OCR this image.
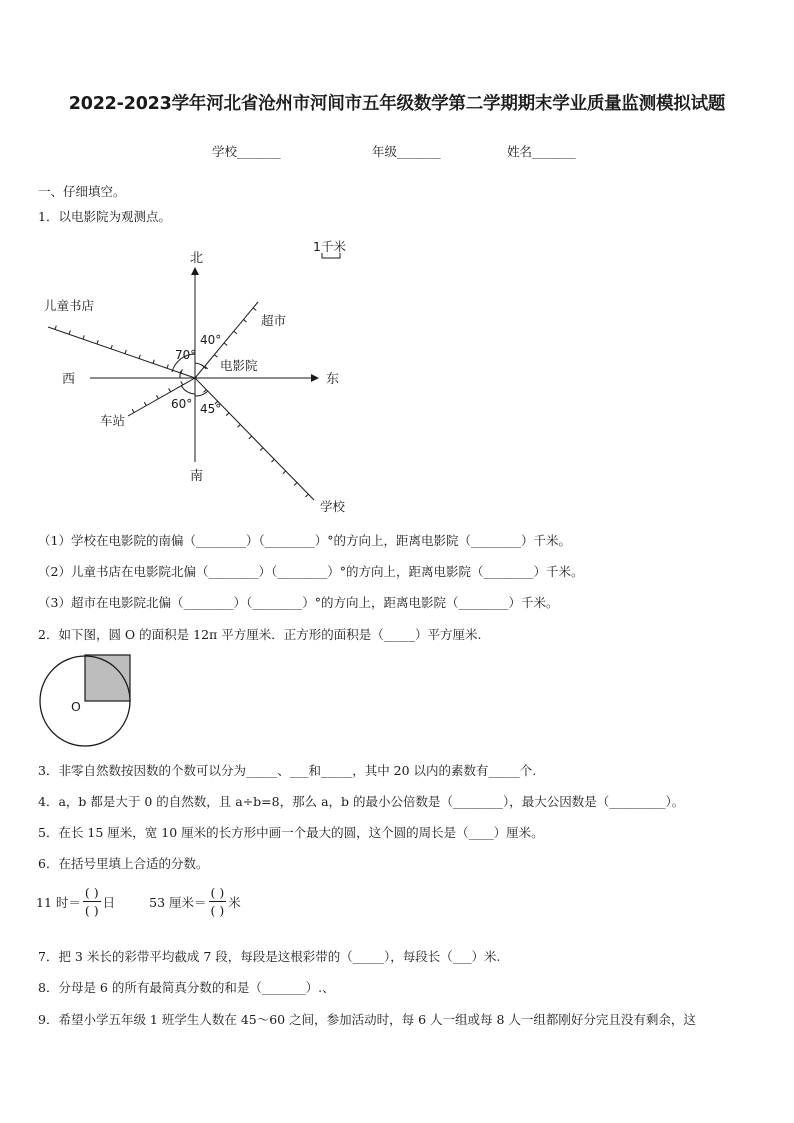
2022-2023学年河北省沧州市河间市五年级数学第二学期期末学业质量监测模拟试题
学校_______	年级_______	姓名_______
一、仔细填空。
1．以电影院为观测点。
北
南
东
西
电影院
超市
儿童书店
车站
学校
40°
70°
60° 45°
1千米
（1）学校在电影院的南偏（________）（________）°的方向上，距离电影院（________）千米。
（2）儿童书店在电影院北偏（________）（________）°的方向上，距离电影院（________）千米。
（3）超市在电影院北偏（________）（________）°的方向上，距离电影院（________）千米。
2．如下图，圆 O 的面积是 12π 平方厘米．正方形的面积是（_____）平方厘米.
O
3．非零自然数按因数的个数可以分为_____、___和_____，其中 20 以内的素数有_____个.
4．a，b 都是大于 0 的自然数，且 a÷b=8，那么 a，b 的最小公倍数是（________），最大公因数是（_________）。
5．在长 15 厘米，宽 10 厘米的长方形中画一个最大的圆，这个圆的周长是（____）厘米。
6．在括号里填上合适的分数。
11 时＝ $\frac{( )}{( )}$ 日	53 厘米＝ $\frac{( )}{( )}$ 米
7．把 3 米长的彩带平均截成 7 段，每段是这根彩带的（_____），每段长（___）米.
8．分母是 6 的所有最简真分数的和是（_______）.、
9．希望小学五年级 1 班学生人数在 45～60 之间，参加活动时，每 6 人一组或每 8 人一组都刚好分完且没有剩余，这
